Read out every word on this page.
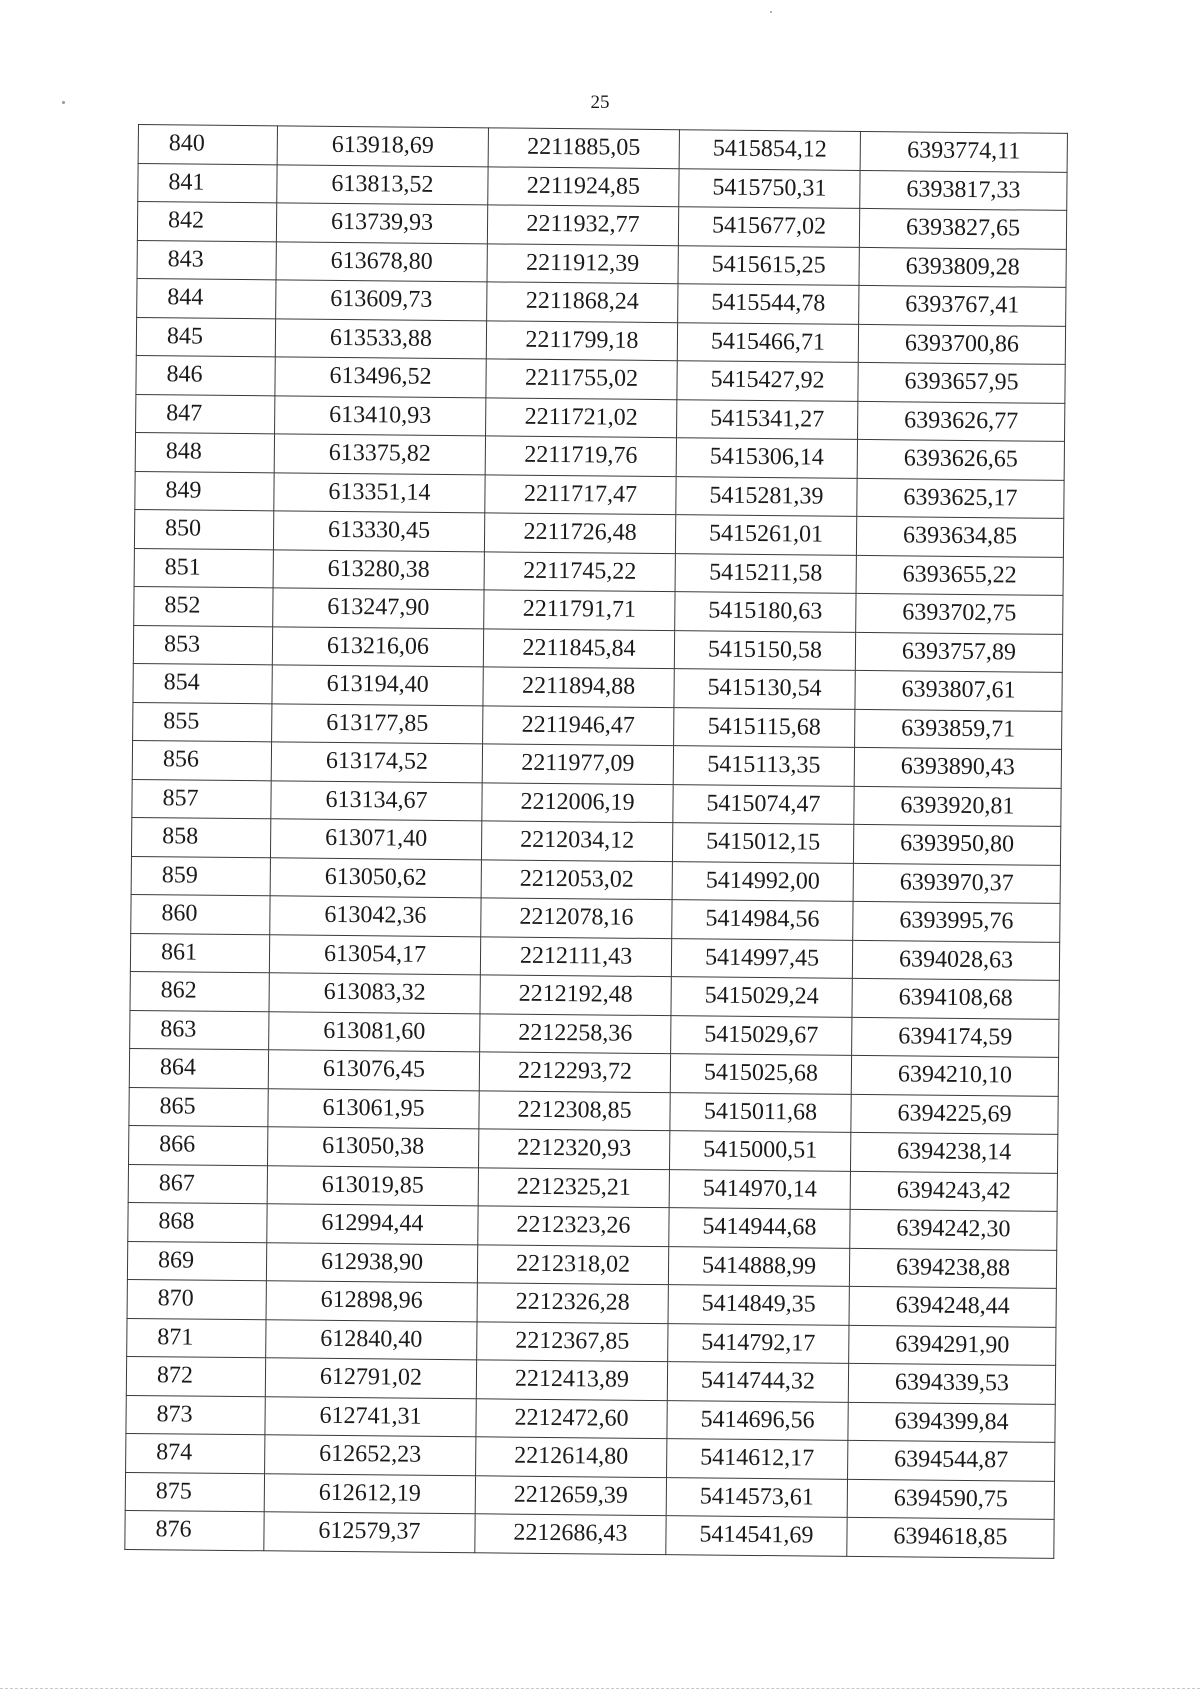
25
840	613918,69	2211885,05	5415854,12	6393774,11
841	613813,52	2211924,85	5415750,31	6393817,33
842	613739,93	2211932,77	5415677,02	6393827,65
843	613678,80	2211912,39	5415615,25	6393809,28
844	613609,73	2211868,24	5415544,78	6393767,41
845	613533,88	2211799,18	5415466,71	6393700,86
846	613496,52	2211755,02	5415427,92	6393657,95
847	613410,93	2211721,02	5415341,27	6393626,77
848	613375,82	2211719,76	5415306,14	6393626,65
849	613351,14	2211717,47	5415281,39	6393625,17
850	613330,45	2211726,48	5415261,01	6393634,85
851	613280,38	2211745,22	5415211,58	6393655,22
852	613247,90	2211791,71	5415180,63	6393702,75
853	613216,06	2211845,84	5415150,58	6393757,89
854	613194,40	2211894,88	5415130,54	6393807,61
855	613177,85	2211946,47	5415115,68	6393859,71
856	613174,52	2211977,09	5415113,35	6393890,43
857	613134,67	2212006,19	5415074,47	6393920,81
858	613071,40	2212034,12	5415012,15	6393950,80
859	613050,62	2212053,02	5414992,00	6393970,37
860	613042,36	2212078,16	5414984,56	6393995,76
861	613054,17	2212111,43	5414997,45	6394028,63
862	613083,32	2212192,48	5415029,24	6394108,68
863	613081,60	2212258,36	5415029,67	6394174,59
864	613076,45	2212293,72	5415025,68	6394210,10
865	613061,95	2212308,85	5415011,68	6394225,69
866	613050,38	2212320,93	5415000,51	6394238,14
867	613019,85	2212325,21	5414970,14	6394243,42
868	612994,44	2212323,26	5414944,68	6394242,30
869	612938,90	2212318,02	5414888,99	6394238,88
870	612898,96	2212326,28	5414849,35	6394248,44
871	612840,40	2212367,85	5414792,17	6394291,90
872	612791,02	2212413,89	5414744,32	6394339,53
873	612741,31	2212472,60	5414696,56	6394399,84
874	612652,23	2212614,80	5414612,17	6394544,87
875	612612,19	2212659,39	5414573,61	6394590,75
876	612579,37	2212686,43	5414541,69	6394618,85
